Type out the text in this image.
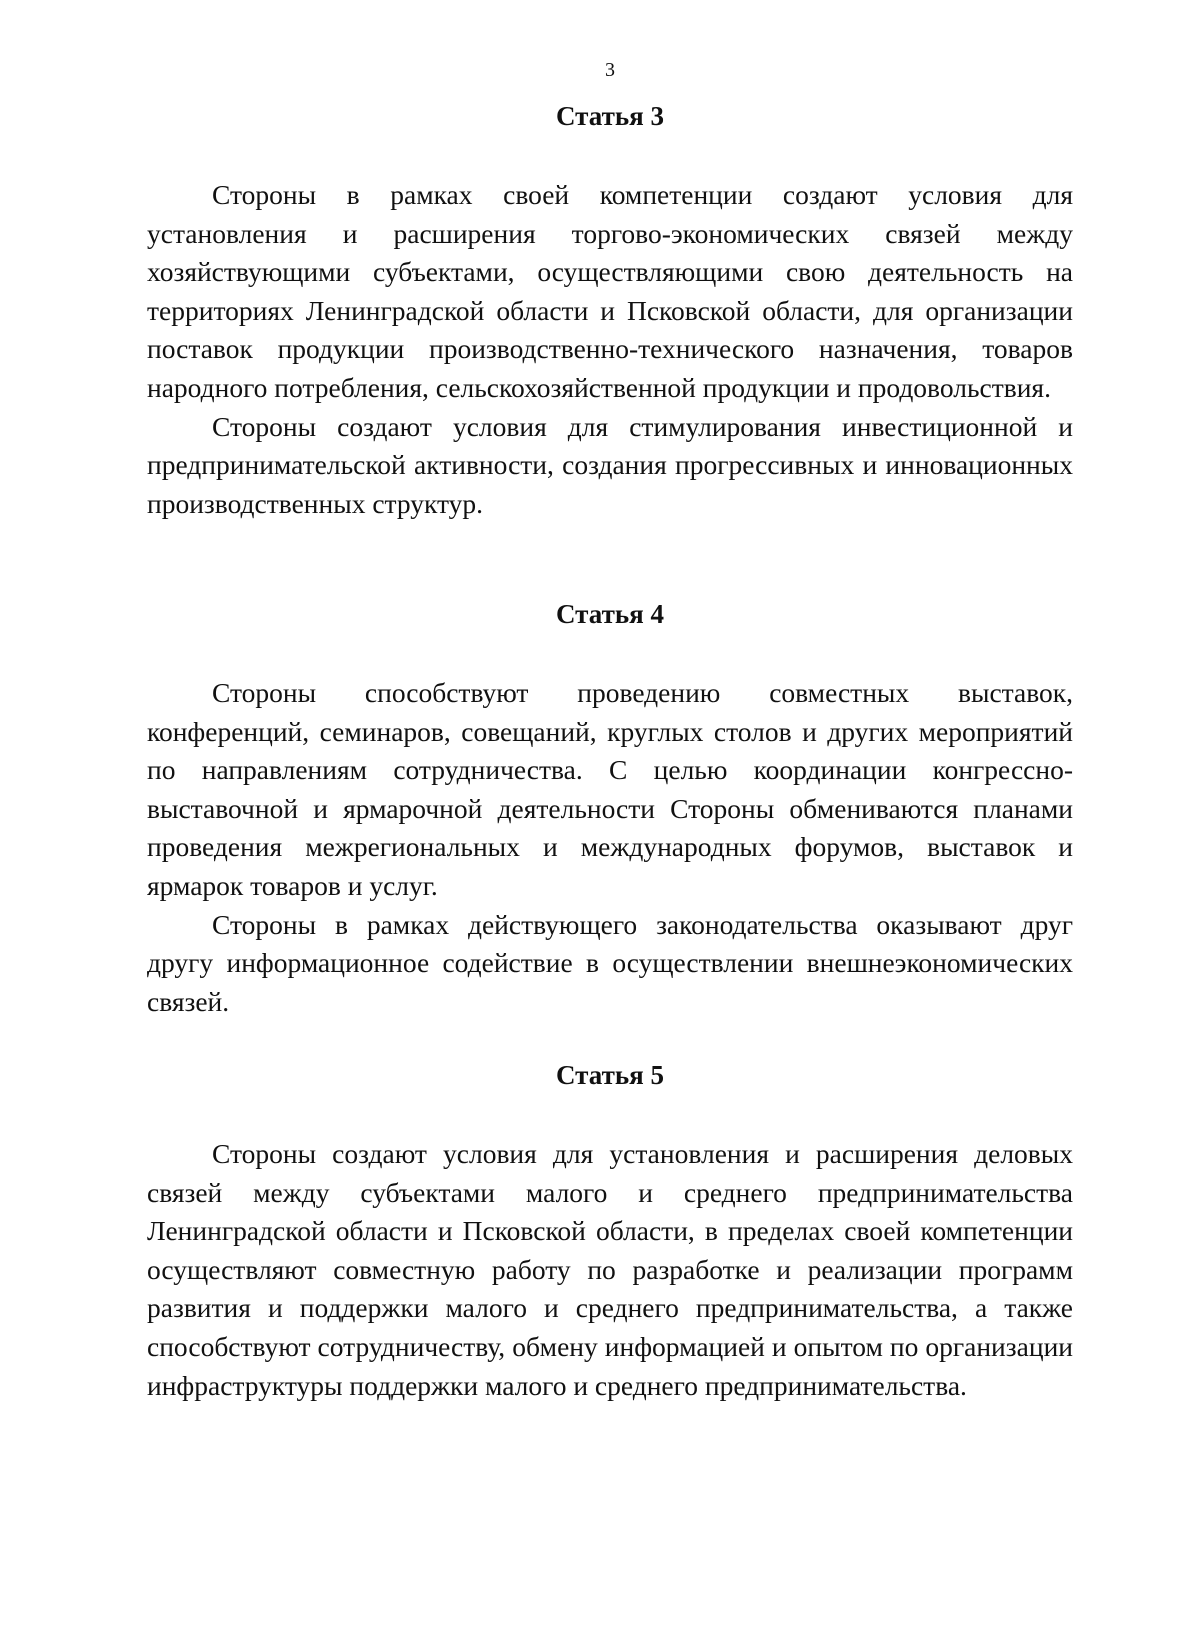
3
Статья 3

Стороны в рамках своей компетенции создают условия для установления и расширения торгово-экономических связей между хозяйствующими субъектами, осуществляющими свою деятельность на территориях Ленинградской области и Псковской области, для организации поставок продукции производственно-технического назначения, товаров народного потребления, сельскохозяйственной продукции и продовольствия.

Стороны создают условия для стимулирования инвестиционной и предпринимательской активности, создания прогрессивных и инновационных производственных структур.

Статья 4

Стороны способствуют проведению совместных выставок, конференций, семинаров, совещаний, круглых столов и других мероприятий по направлениям сотрудничества. С целью координации конгрессно-выставочной и ярмарочной деятельности Стороны обмениваются планами проведения межрегиональных и международных форумов, выставок и ярмарок товаров и услуг.

Стороны в рамках действующего законодательства оказывают друг другу информационное содействие в осуществлении внешнеэкономических связей.

Статья 5

Стороны создают условия для установления и расширения деловых связей между субъектами малого и среднего предпринимательства Ленинградской области и Псковской области, в пределах своей компетенции осуществляют совместную работу по разработке и реализации программ развития и поддержки малого и среднего предпринимательства, а также способствуют сотрудничеству, обмену информацией и опытом по организации инфраструктуры поддержки малого и среднего предпринимательства.
